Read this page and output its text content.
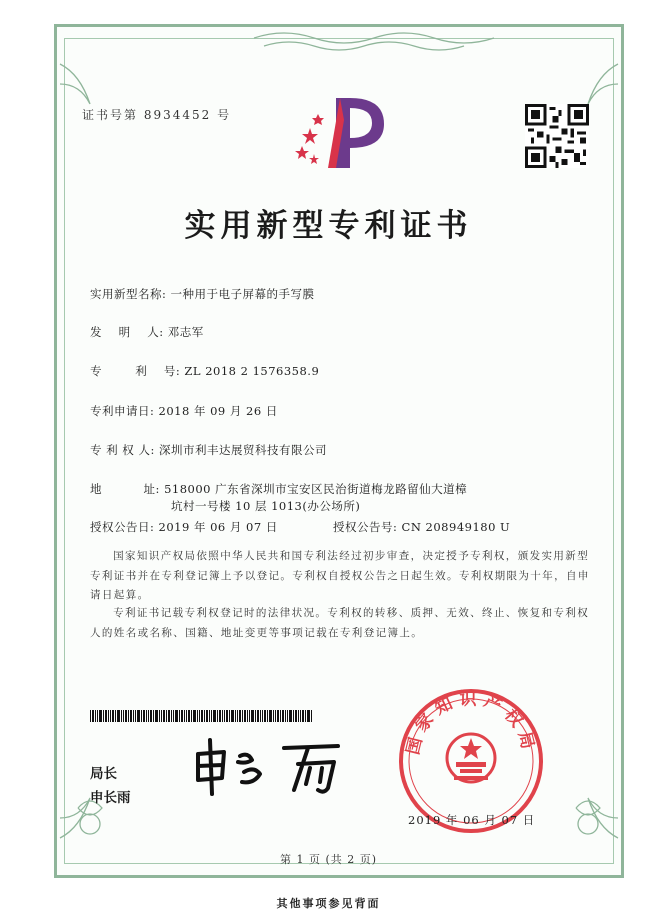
证书号第 8934452 号
实用新型专利证书
实用新型名称: 一种用于电子屏幕的手写膜
发    明    人: 邓志军
专        利    号: ZL 2018 2 1576358.9
专利申请日: 2018 年 09 月 26 日
专 利 权 人: 深圳市利丰达展贸科技有限公司
地          址: 518000 广东省深圳市宝安区民治街道梅龙路留仙大道樟
坑村一号楼 10 层 1013(办公场所)
授权公告日: 2019 年 06 月 07 日	授权公告号: CN 208949180 U
国家知识产权局依照中华人民共和国专利法经过初步审查，决定授予专利权，颁发实用新型专利证书并在专利登记簿上予以登记。专利权自授权公告之日起生效。专利权期限为十年，自申请日起算。
专利证书记载专利权登记时的法律状况。专利权的转移、质押、无效、终止、恢复和专利权人的姓名或名称、国籍、地址变更等事项记载在专利登记簿上。
局长
申长雨
国家知识产权局
2019 年 06 月 07 日
第 1 页 (共 2 页)
其他事项参见背面
